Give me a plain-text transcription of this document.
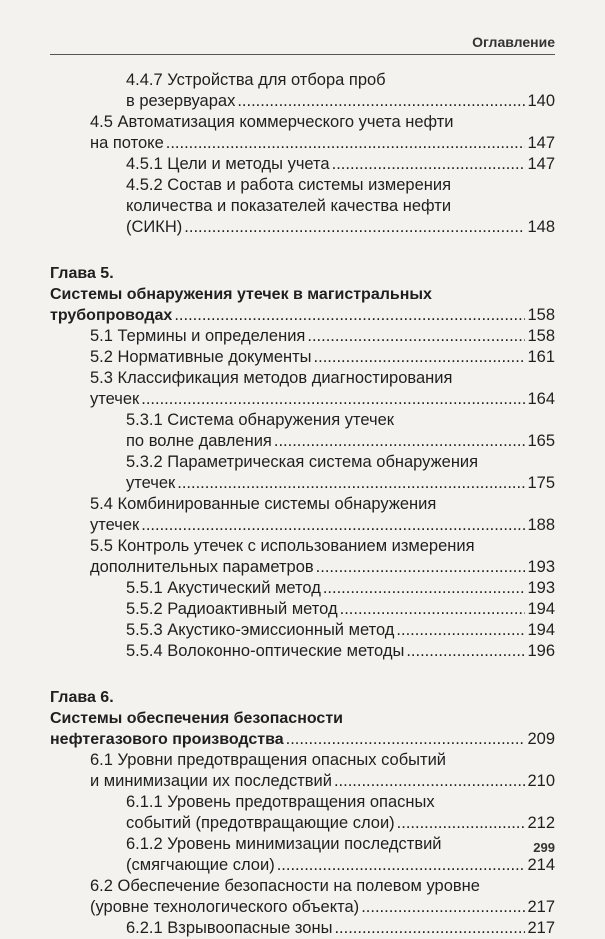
Оглавление
4.4.7 Устройства для отбора проб
в резервуарах .....	140
4.5 Автоматизация коммерческого учета нефти
на потоке .....	147
4.5.1 Цели и методы учета .....	147
4.5.2 Состав и работа системы измерения
количества и показателей качества нефти
(СИКН) .....	148
Глава 5.
Системы обнаружения утечек в магистральных
трубопроводах .....	158
5.1 Термины и определения .....	158
5.2 Нормативные документы .....	161
5.3 Классификация методов диагностирования
утечек .....	164
5.3.1 Система обнаружения утечек
по волне давления .....	165
5.3.2 Параметрическая система обнаружения
утечек .....	175
5.4 Комбинированные системы обнаружения
утечек .....	188
5.5 Контроль утечек с использованием измерения
дополнительных параметров .....	193
5.5.1 Акустический метод .....	193
5.5.2 Радиоактивный метод .....	194
5.5.3 Акустико-эмиссионный метод .....	194
5.5.4 Волоконно-оптические методы .....	196
Глава 6.
Системы обеспечения безопасности
нефтегазового производства .....	209
6.1 Уровни предотвращения опасных событий
и минимизации их последствий .....	210
6.1.1 Уровень предотвращения опасных
событий (предотвращающие слои) .....	212
6.1.2 Уровень минимизации последствий
(смягчающие слои) .....	214
6.2 Обеспечение безопасности на полевом уровне
(уровне технологического объекта) .....	217
6.2.1 Взрывоопасные зоны .....	217
299
